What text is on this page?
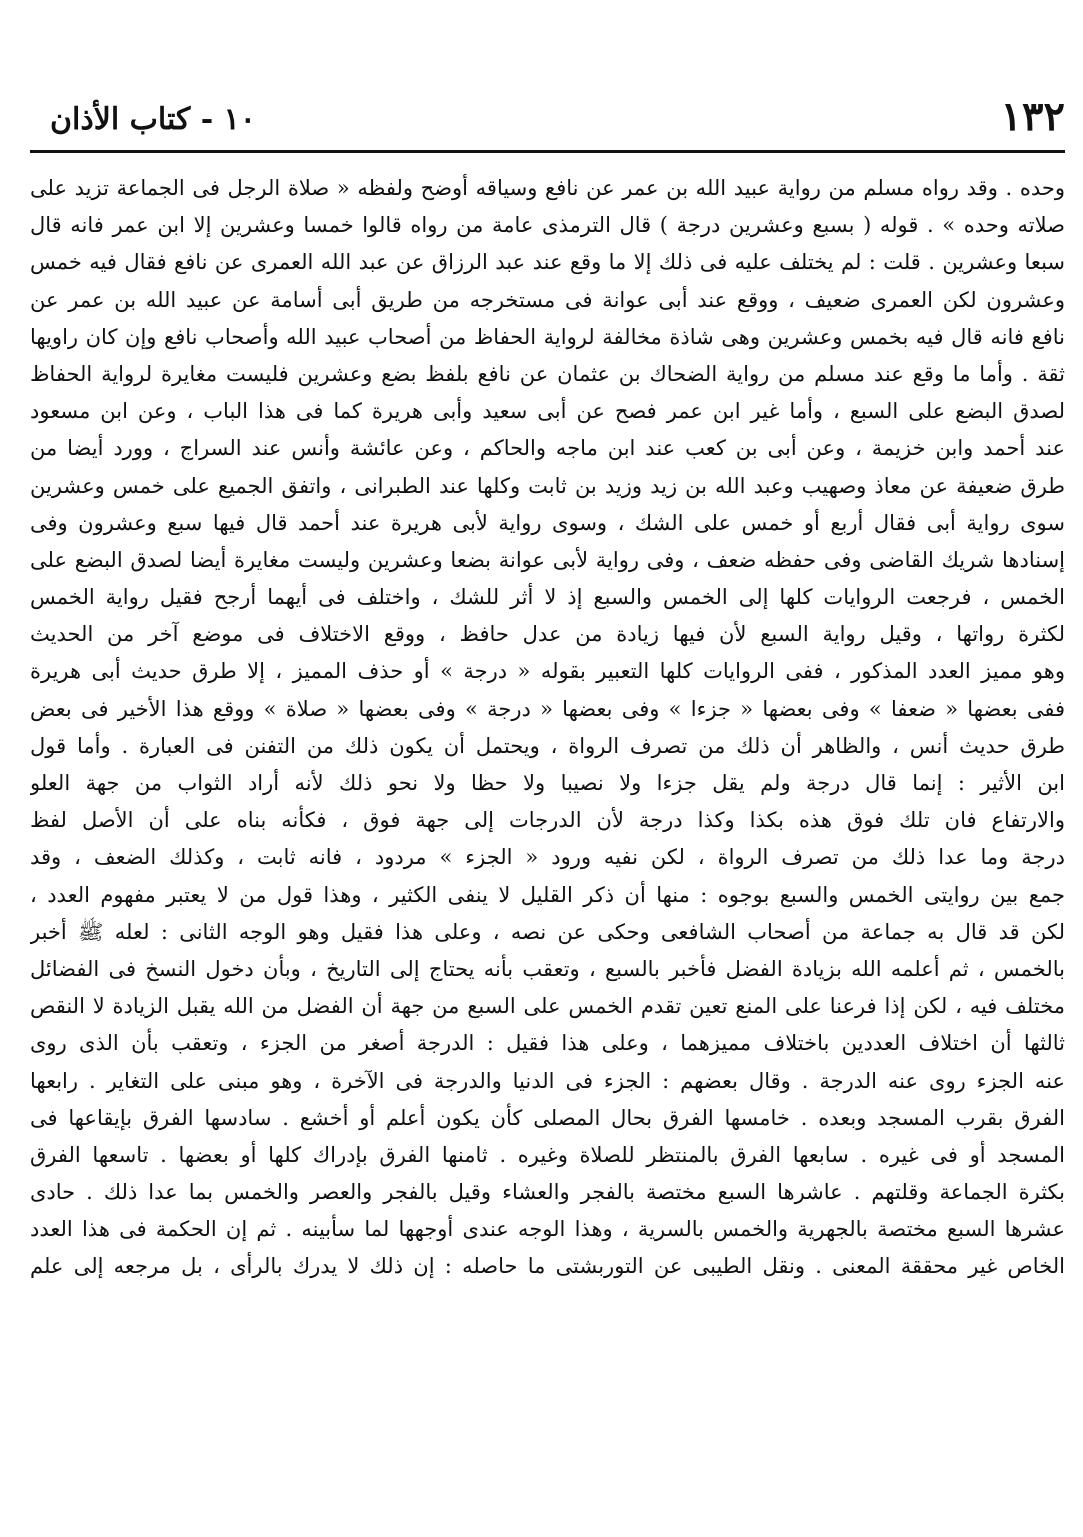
١٣٢
١٠ - كتاب الأذان
وحده . وقد رواه مسلم من رواية عبيد الله بن عمر عن نافع وسياقه أوضح ولفظه « صلاة الرجل فى الجماعة تزيد على
صلاته وحده » . قوله ( بسبع وعشرين درجة ) قال الترمذى عامة من رواه قالوا خمسا وعشرين إلا ابن عمر فانه قال
سبعا وعشرين . قلت : لم يختلف عليه فى ذلك إلا ما وقع عند عبد الرزاق عن عبد الله العمرى عن نافع فقال فيه خمس
وعشرون لكن العمرى ضعيف ، ووقع عند أبى عوانة فى مستخرجه من طريق أبى أسامة عن عبيد الله بن عمر عن
نافع فانه قال فيه بخمس وعشرين وهى شاذة مخالفة لرواية الحفاظ من أصحاب عبيد الله وأصحاب نافع وإن كان راويها
ثقة . وأما ما وقع عند مسلم من رواية الضحاك بن عثمان عن نافع بلفظ بضع وعشرين فليست مغايرة لرواية الحفاظ
لصدق البضع على السبع ، وأما غير ابن عمر فصح عن أبى سعيد وأبى هريرة كما فى هذا الباب ، وعن ابن مسعود
عند أحمد وابن خزيمة ، وعن أبى بن كعب عند ابن ماجه والحاكم ، وعن عائشة وأنس عند السراج ، وورد أيضا من
طرق ضعيفة عن معاذ وصهيب وعبد الله بن زيد وزيد بن ثابت وكلها عند الطبرانى ، واتفق الجميع على خمس وعشرين
سوى رواية أبى فقال أربع أو خمس على الشك ، وسوى رواية لأبى هريرة عند أحمد قال فيها سبع وعشرون وفى
إسنادها شريك القاضى وفى حفظه ضعف ، وفى رواية لأبى عوانة بضعا وعشرين وليست مغايرة أيضا لصدق البضع على
الخمس ، فرجعت الروايات كلها إلى الخمس والسبع إذ لا أثر للشك ، واختلف فى أيهما أرجح فقيل رواية الخمس
لكثرة رواتها ، وقيل رواية السبع لأن فيها زيادة من عدل حافظ ، ووقع الاختلاف فى موضع آخر من الحديث
وهو مميز العدد المذكور ، ففى الروايات كلها التعبير بقوله « درجة » أو حذف المميز ، إلا طرق حديث أبى هريرة
ففى بعضها « ضعفا » وفى بعضها « جزءا » وفى بعضها « درجة » وفى بعضها « صلاة » ووقع هذا الأخير فى بعض
طرق حديث أنس ، والظاهر أن ذلك من تصرف الرواة ، ويحتمل أن يكون ذلك من التفنن فى العبارة . وأما قول
ابن الأثير : إنما قال درجة ولم يقل جزءا ولا نصيبا ولا حظا ولا نحو ذلك لأنه أراد الثواب من جهة العلو
والارتفاع فان تلك فوق هذه بكذا وكذا درجة لأن الدرجات إلى جهة فوق ، فكأنه بناه على أن الأصل لفظ
درجة وما عدا ذلك من تصرف الرواة ، لكن نفيه ورود « الجزء » مردود ، فانه ثابت ، وكذلك الضعف ، وقد
جمع بين روايتى الخمس والسبع بوجوه : منها أن ذكر القليل لا ينفى الكثير ، وهذا قول من لا يعتبر مفهوم العدد ،
لكن قد قال به جماعة من أصحاب الشافعى وحكى عن نصه ، وعلى هذا فقيل وهو الوجه الثانى : لعله ﷺ أخبر
بالخمس ، ثم أعلمه الله بزيادة الفضل فأخبر بالسبع ، وتعقب بأنه يحتاج إلى التاريخ ، وبأن دخول النسخ فى الفضائل
مختلف فيه ، لكن إذا فرعنا على المنع تعين تقدم الخمس على السبع من جهة أن الفضل من الله يقبل الزيادة لا النقص
ثالثها أن اختلاف العددين باختلاف مميزهما ، وعلى هذا فقيل : الدرجة أصغر من الجزء ، وتعقب بأن الذى روى
عنه الجزء روى عنه الدرجة . وقال بعضهم : الجزء فى الدنيا والدرجة فى الآخرة ، وهو مبنى على التغاير . رابعها
الفرق بقرب المسجد وبعده . خامسها الفرق بحال المصلى كأن يكون أعلم أو أخشع . سادسها الفرق بإيقاعها فى
المسجد أو فى غيره . سابعها الفرق بالمنتظر للصلاة وغيره . ثامنها الفرق بإدراك كلها أو بعضها . تاسعها الفرق
بكثرة الجماعة وقلتهم . عاشرها السبع مختصة بالفجر والعشاء وقيل بالفجر والعصر والخمس بما عدا ذلك . حادى
عشرها السبع مختصة بالجهرية والخمس بالسرية ، وهذا الوجه عندى أوجهها لما سأبينه . ثم إن الحكمة فى هذا العدد
الخاص غير محققة المعنى . ونقل الطيبى عن التوربشتى ما حاصله : إن ذلك لا يدرك بالرأى ، بل مرجعه إلى علم
